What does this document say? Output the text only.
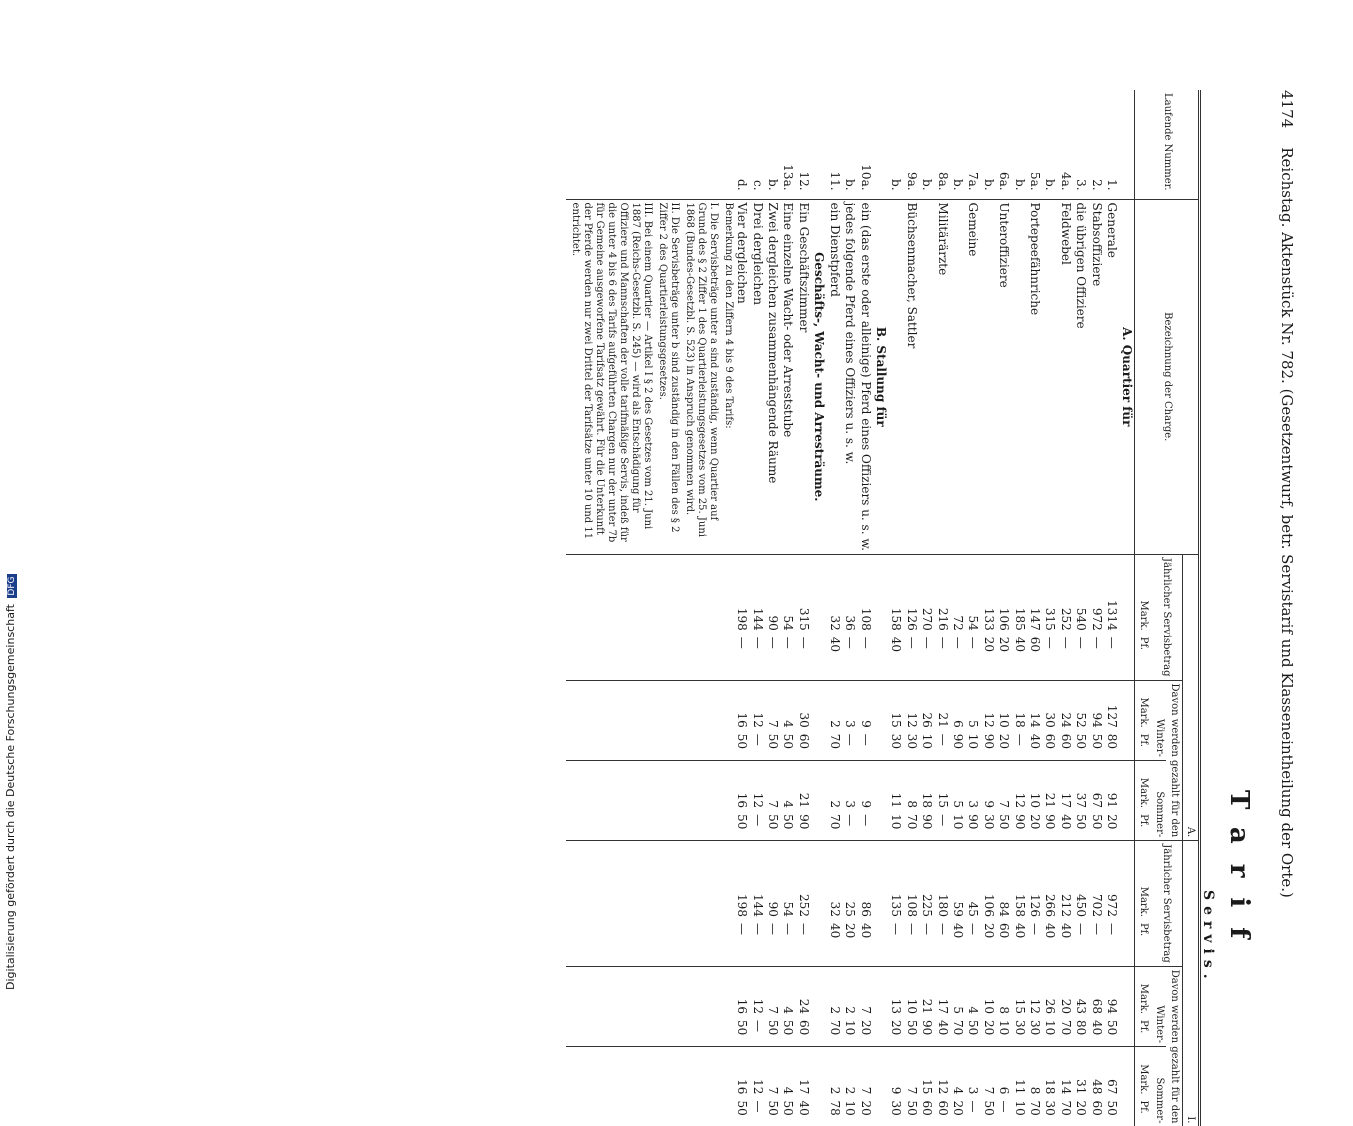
4174    Reichstag. Aktenstück Nr. 782. (Gesetzentwurf, betr. Servistarif und Klasseneintheilung der Orte.)
Tarif
Servis.
Laufende Nummer.	Bezeichnung der Charge.	A.						I.					
		Jährlicher Servisbetrag		Davon werden gezahlt für den				Jährlicher Servisbetrag		Davon werden gezahlt für den			
				Winter-		Sommer-				Winter-		Sommer-	
		Mark.	Pf.	Mark.	Pf.	Mark.	Pf.	Mark.	Pf.	Mark.	Pf.	Mark.	Pf.
	A. Quartier für												
1.	Generale	1314	—	127	80	91	20	972	—	94	50	67	50
2.	Stabsoffiziere	972	—	94	50	67	50	702	—	68	40	48	60
3.	die übrigen Offiziere	540	—	52	50	37	50	450	—	43	80	31	20
4a.	Feldwebel	252	—	24	60	17	40	212	40	20	70	14	70
b.		315	—	30	60	21	90	266	40	26	10	18	30
5a.	Portepeefähnriche	147	60	14	40	10	20	126	—	12	30	8	70
b.		185	40	18	—	12	90	158	40	15	30	11	10
6a.	Unteroffiziere	106	20	10	20	7	50	84	60	8	10	6	—
b.		133	20	12	90	9	30	106	20	10	20	7	50
7a.	Gemeine	54	—	5	10	3	90	45	—	4	50	3	—
b.		72	—	6	90	5	10	59	40	5	70	4	20
8a.	Militärärzte	216	—	21	—	15	—	180	—	17	40	12	60
b.		270	—	26	10	18	90	225	—	21	90	15	60
9a.	Büchsenmacher, Sattler	126	—	12	30	8	70	108	—	10	50	7	50
b.		158	40	15	30	11	10	135	—	13	20	9	30
	B. Stallung für												
10a.	ein (das erste oder alleinige) Pferd eines Offiziers u. s. w.	108	—	9	—	9	—	86	40	7	20	7	20
b.	jedes folgende Pferd eines Offiziers u. s. w.	36	—	3	—	3	—	25	20	2	10	2	10
11.	ein Dienstpferd	32	40	2	70	2	70	32	40	2	70	2	78
	Geschäfts-, Wacht- und Arresträume.												
12.	Ein Geschäftszimmer	315	—	30	60	21	90	252	—	24	60	17	40
13a.	Eine einzelne Wacht- oder Arreststube	54	—	4	50	4	50	54	—	4	50	4	50
b.	Zwei dergleichen zusammenhängende Räume	90	—	7	50	7	50	90	—	7	50	7	50
c.	Drei dergleichen	144	—	12	—	12	—	144	—	12	—	12	—
d.	Vier dergleichen	198	—	16	50	16	50	198	—	16	50	16	50

	Bemerkung zu den Ziffern 4 bis 9 des Tarifs:
I. Die Servisbeträge unter a sind zuständig, wenn Quartier auf Grund des § 2 Ziffer 1 des Quartierleistungsgesetzes vom 25. Juni 1868 (Bundes-Gesetzbl. S. 523) in Anspruch genommen wird.
II. Die Servisbeträge unter b sind zuständig in den Fällen des § 2 Ziffer 2 des Quartierleistungsgesetzes.
III. Bei einem Quartier — Artikel I § 2 des Gesetzes vom 21. Juni 1887 (Reichs-Gesetzbl. S. 245) — wird als Entschädigung für Offiziere und Mannschaften der volle tarifmäßige Servis, indeß für die unter 4 bis 6 des Tarifs aufgeführten Chargen nur der unter 7b für Gemeine ausgeworfene Tarifsatz gewährt. Für die Unterkunft der Pferde werden nur zwei Drittel der Tarifsätze unter 10 und 11 entrichtet.												

Digitalisierung gefördert durch die Deutsche Forschungsgemeinschaft DFG
